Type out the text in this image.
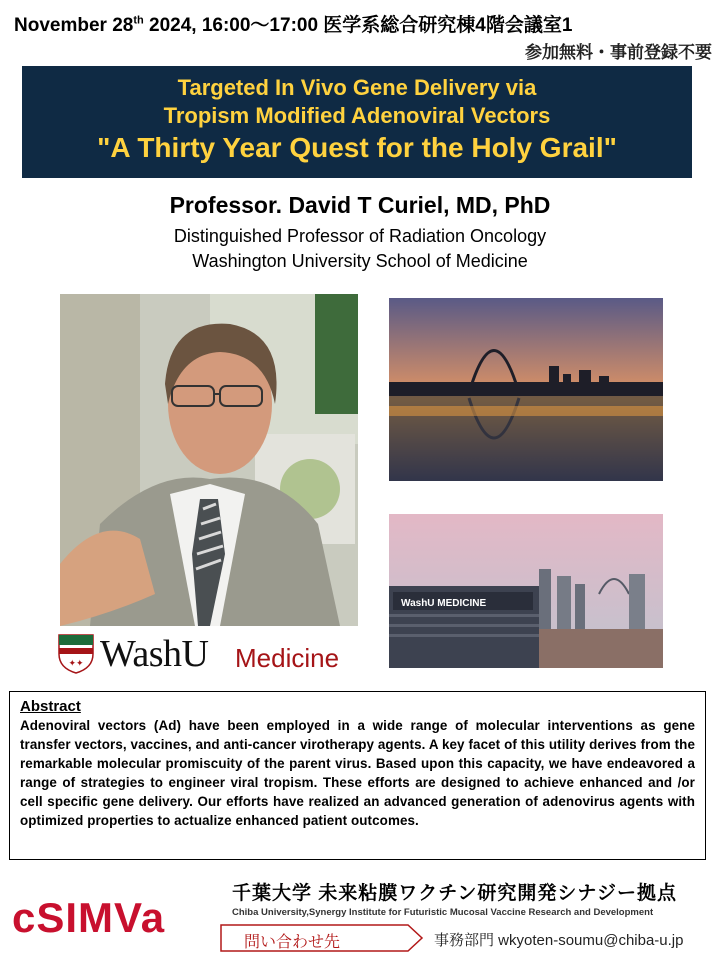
November 28th 2024, 16:00～17:00 医学系総合研究棟4階会議室1
参加無料・事前登録不要
Targeted In Vivo Gene Delivery via
Tropism Modified Adenoviral Vectors
"A Thirty Year Quest for the Holy Grail"
Professor. David T Curiel, MD, PhD
Distinguished Professor of Radiation Oncology
Washington University School of Medicine
WashU MEDICINE
✦✦ WashU Medicine
Abstract
Adenoviral vectors (Ad) have been employed in a wide range of molecular interventions as gene transfer vectors, vaccines, and anti-cancer virotherapy agents. A key facet of this utility derives from the remarkable molecular promiscuity of the parent virus. Based upon this capacity, we have endeavored a range of strategies to engineer viral tropism. These efforts are designed to achieve enhanced and /or cell specific gene delivery. Our efforts have realized an advanced generation of adenovirus agents with optimized properties to actualize enhanced patient outcomes.
cSIMVa
千葉大学 未来粘膜ワクチン研究開発シナジー拠点
Chiba University,Synergy Institute for Futuristic Mucosal Vaccine Research and Development
問い合わせ先	事務部門 wkyoten-soumu@chiba-u.jp
